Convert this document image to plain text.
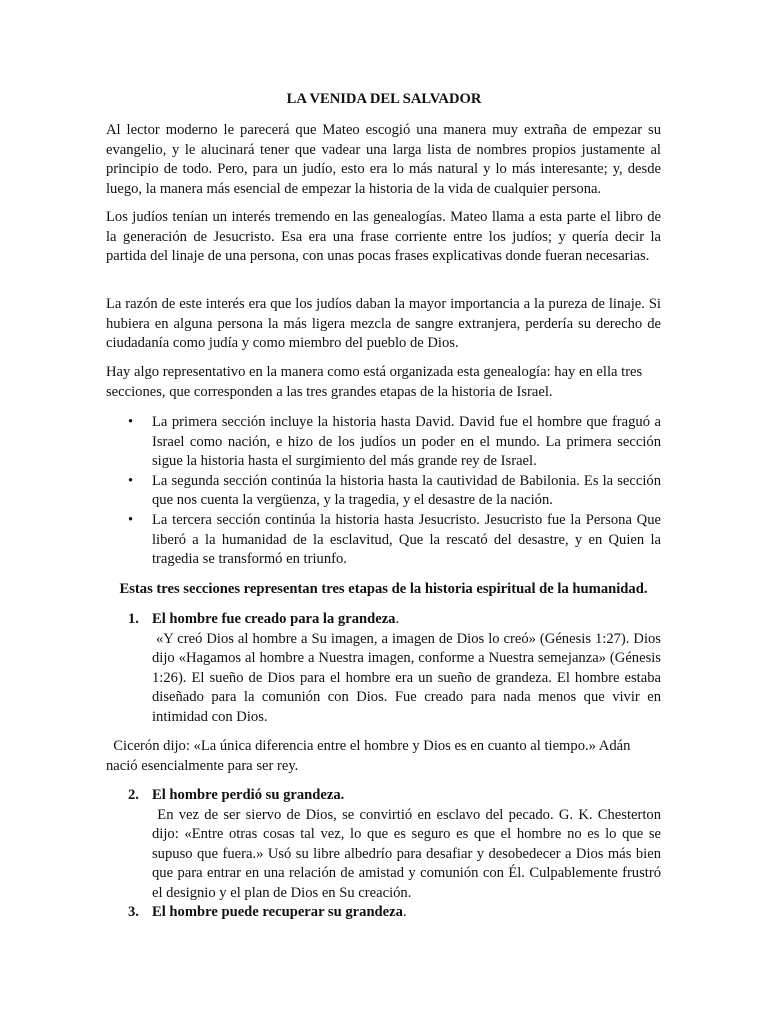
LA VENIDA DEL SALVADOR

Al lector moderno le parecerá que Mateo escogió una manera muy extraña de empezar su evangelio, y le alucinará tener que vadear una larga lista de nombres propios justamente al principio de todo. Pero, para un judío, esto era lo más natural y lo más interesante; y, desde luego, la manera más esencial de empezar la historia de la vida de cualquier persona.

Los judíos tenían un interés tremendo en las genealogías. Mateo llama a esta parte el libro de la generación de Jesucristo. Esa era una frase corriente entre los judíos; y quería decir la partida del linaje de una persona, con unas pocas frases explicativas donde fueran necesarias.

La razón de este interés era que los judíos daban la mayor importancia a la pureza de linaje. Si hubiera en alguna persona la más ligera mezcla de sangre extranjera, perdería su derecho de ciudadanía como judía y como miembro del pueblo de Dios.

Hay algo representativo en la manera como está organizada esta genealogía: hay en ella tres secciones, que corresponden a las tres grandes etapas de la historia de Israel.

• La primera sección incluye la historia hasta David. David fue el hombre que fraguó a Israel como nación, e hizo de los judíos un poder en el mundo. La primera sección sigue la historia hasta el surgimiento del más grande rey de Israel.
• La segunda sección continúa la historia hasta la cautividad de Babilonia. Es la sección que nos cuenta la vergüenza, y la tragedia, y el desastre de la nación.
• La tercera sección continúa la historia hasta Jesucristo. Jesucristo fue la Persona Que liberó a la humanidad de la esclavitud, Que la rescató del desastre, y en Quien la tragedia se transformó en triunfo.
Estas tres secciones representan tres etapas de la historia espiritual de la humanidad.
1. El hombre fue creado para la grandeza.
«Y creó Dios al hombre a Su imagen, a imagen de Dios lo creó» (Génesis 1:27). Dios dijo «Hagamos al hombre a Nuestra imagen, conforme a Nuestra semejanza» (Génesis 1:26). El sueño de Dios para el hombre era un sueño de grandeza. El hombre estaba diseñado para la comunión con Dios. Fue creado para nada menos que vivir en intimidad con Dios.

Cicerón dijo: «La única diferencia entre el hombre y Dios es en cuanto al tiempo.» Adán nació esencialmente para ser rey.

2. El hombre perdió su grandeza.
En vez de ser siervo de Dios, se convirtió en esclavo del pecado. G. K. Chesterton dijo: «Entre otras cosas tal vez, lo que es seguro es que el hombre no es lo que se supuso que fuera.» Usó su libre albedrío para desafiar y desobedecer a Dios más bien que para entrar en una relación de amistad y comunión con Él. Culpablemente frustró el designio y el plan de Dios en Su creación.
3. El hombre puede recuperar su grandeza.
